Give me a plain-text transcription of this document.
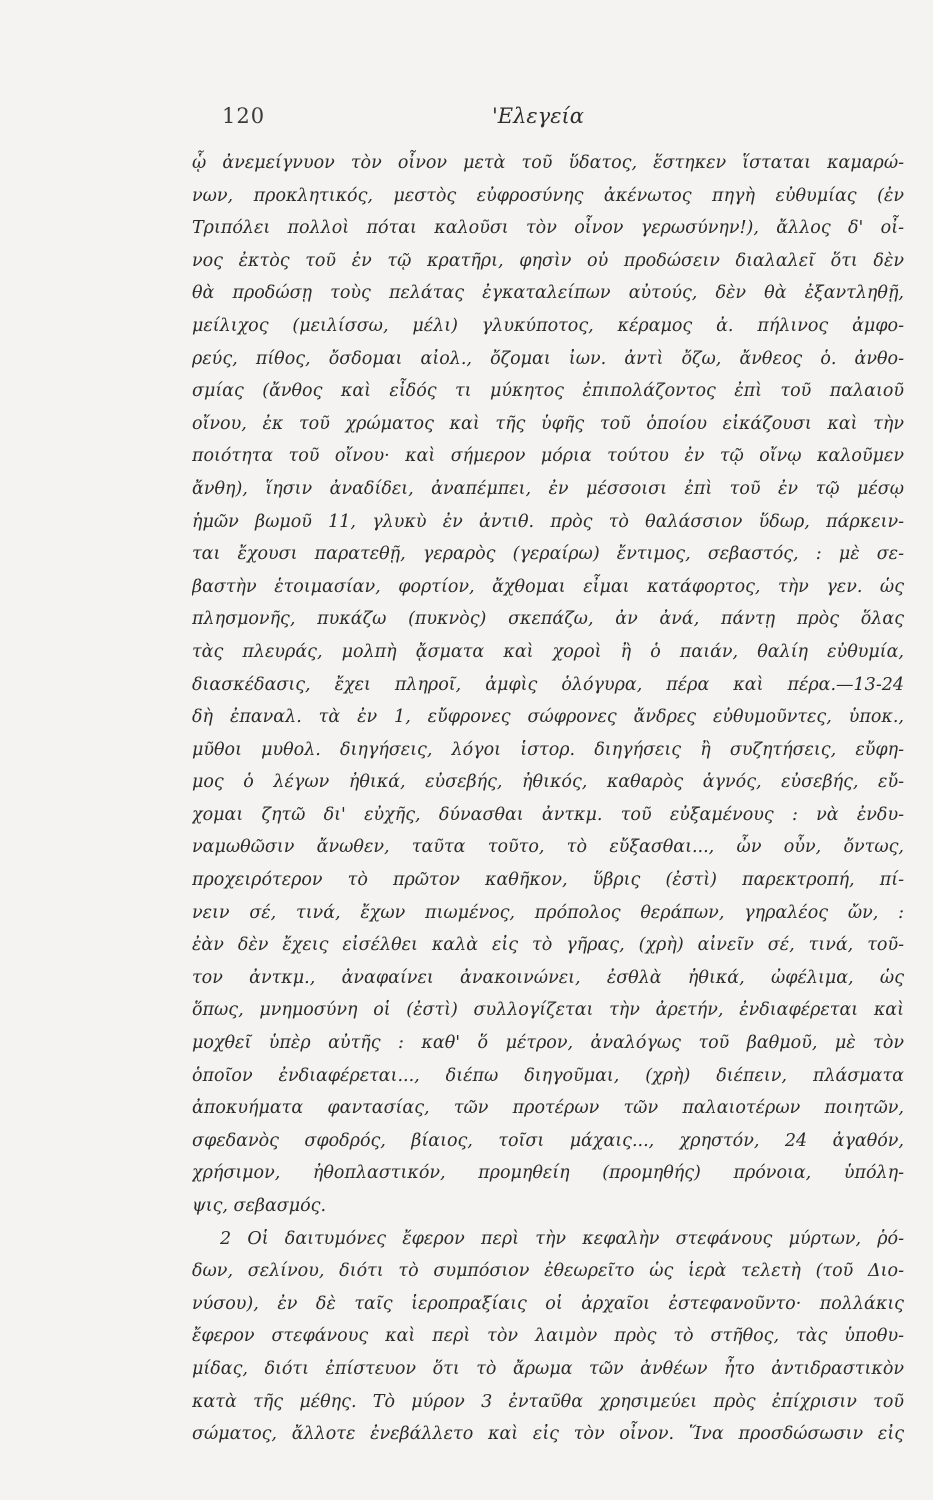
120	'Ελεγεία
ᾧ ἀνεμείγνυον τὸν οἶνον μετὰ τοῦ ὕδατος, ἕστηκεν ἵσταται καμαρώ-
νων, προκλητικός, μεστὸς εὐφροσύνης ἀκένωτος πηγὴ εὐθυμίας (ἐν
Τριπόλει πολλοὶ πόται καλοῦσι τὸν οἶνον γερωσύνην!), ἄλλος δ' οἶ-
νος ἐκτὸς τοῦ ἐν τῷ κρατῆρι, φησὶν οὐ προδώσειν διαλαλεῖ ὅτι δὲν
θὰ προδώσῃ τοὺς πελάτας ἐγκαταλείπων αὐτούς, δὲν θὰ ἐξαντληθῇ,
μείλιχος (μειλίσσω, μέλι) γλυκύποτος, κέραμος ἀ. πήλινος ἀμφο-
ρεύς, πίθος, ὄσδομαι αἰολ., ὄζομαι ἰων. ἀντὶ ὄζω, ἄνθεος ὁ. ἀνθο-
σμίας (ἄνθος καὶ εἶδός τι μύκητος ἐπιπολάζοντος ἐπὶ τοῦ παλαιοῦ
οἴνου, ἐκ τοῦ χρώματος καὶ τῆς ὑφῆς τοῦ ὁποίου εἰκάζουσι καὶ τὴν
ποιότητα τοῦ οἴνου· καὶ σήμερον μόρια τούτου ἐν τῷ οἴνῳ καλοῦμεν
ἄνθη), ἵησιν ἀναδίδει, ἀναπέμπει, ἐν μέσσοισι ἐπὶ τοῦ ἐν τῷ μέσῳ
ἡμῶν βωμοῦ 11, γλυκὺ ἐν ἀντιθ. πρὸς τὸ θαλάσσιον ὕδωρ, πάρκειν-
ται ἔχουσι παρατεθῇ, γεραρὸς (γεραίρω) ἔντιμος, σεβαστός, : μὲ σε-
βαστὴν ἑτοιμασίαν, φορτίον, ἄχθομαι εἶμαι κατάφορτος, τὴν γεν. ὡς
πλησμονῆς, πυκάζω (πυκνὸς) σκεπάζω, ἀν ἀνά, πάντῃ πρὸς ὅλας
τὰς πλευράς, μολπὴ ᾄσματα καὶ χοροὶ ἢ ὁ παιάν, θαλίη εὐθυμία,
διασκέδασις, ἔχει πληροῖ, ἀμφὶς ὁλόγυρα, πέρα καὶ πέρα.—13-24
δὴ ἐπαναλ. τὰ ἐν 1, εὔφρονες σώφρονες ἄνδρες εὐθυμοῦντες, ὑποκ.,
μῦθοι μυθολ. διηγήσεις, λόγοι ἱστορ. διηγήσεις ἢ συζητήσεις, εὔφη-
μος ὁ λέγων ἠθικά, εὐσεβής, ἠθικός, καθαρὸς ἁγνός, εὐσεβής, εὔ-
χομαι ζητῶ δι' εὐχῆς, δύνασθαι ἀντκμ. τοῦ εὐξαμένους : νὰ ἐνδυ-
ναμωθῶσιν ἄνωθεν, ταῦτα τοῦτο, τὸ εὔξασθαι..., ὦν οὖν, ὄντως,
προχειρότερον τὸ πρῶτον καθῆκον, ὕβρις (ἐστὶ) παρεκτροπή, πί-
νειν σέ, τινά, ἔχων πιωμένος, πρόπολος θεράπων, γηραλέος ὤν, :
ἐὰν δὲν ἔχεις εἰσέλθει καλὰ εἰς τὸ γῆρας, (χρὴ) αἰνεῖν σέ, τινά, τοῦ-
τον ἀντκμ., ἀναφαίνει ἀνακοινώνει, ἐσθλὰ ἠθικά, ὠφέλιμα, ὡς
ὅπως, μνημοσύνη οἱ (ἐστὶ) συλλογίζεται τὴν ἀρετήν, ἐνδιαφέρεται καὶ
μοχθεῖ ὑπὲρ αὐτῆς : καθ' ὅ μέτρον, ἀναλόγως τοῦ βαθμοῦ, μὲ τὸν
ὁποῖον ἐνδιαφέρεται..., διέπω διηγοῦμαι, (χρὴ) διέπειν, πλάσματα
ἀποκυήματα φαντασίας, τῶν προτέρων τῶν παλαιοτέρων ποιητῶν,
σφεδανὸς σφοδρός, βίαιος, τοῖσι μάχαις..., χρηστόν, 24 ἀγαθόν,
χρήσιμον, ἠθοπλαστικόν, προμηθείη (προμηθής) πρόνοια, ὑπόλη-
ψις, σεβασμός.
2 Οἱ δαιτυμόνες ἔφερον περὶ τὴν κεφαλὴν στεφάνους μύρτων, ῥό-
δων, σελίνου, διότι τὸ συμπόσιον ἐθεωρεῖτο ὡς ἱερὰ τελετὴ (τοῦ Διο-
νύσου), ἐν δὲ ταῖς ἱεροπραξίαις οἱ ἀρχαῖοι ἐστεφανοῦντο· πολλάκις
ἔφερον στεφάνους καὶ περὶ τὸν λαιμὸν πρὸς τὸ στῆθος, τὰς ὑποθυ-
μίδας, διότι ἐπίστευον ὅτι τὸ ἄρωμα τῶν ἀνθέων ἦτο ἀντιδραστικὸν
κατὰ τῆς μέθης. Τὸ μύρον 3 ἐνταῦθα χρησιμεύει πρὸς ἐπίχρισιν τοῦ
σώματος, ἄλλοτε ἐνεβάλλετο καὶ εἰς τὸν οἶνον. Ἵνα προσδώσωσιν εἰς
